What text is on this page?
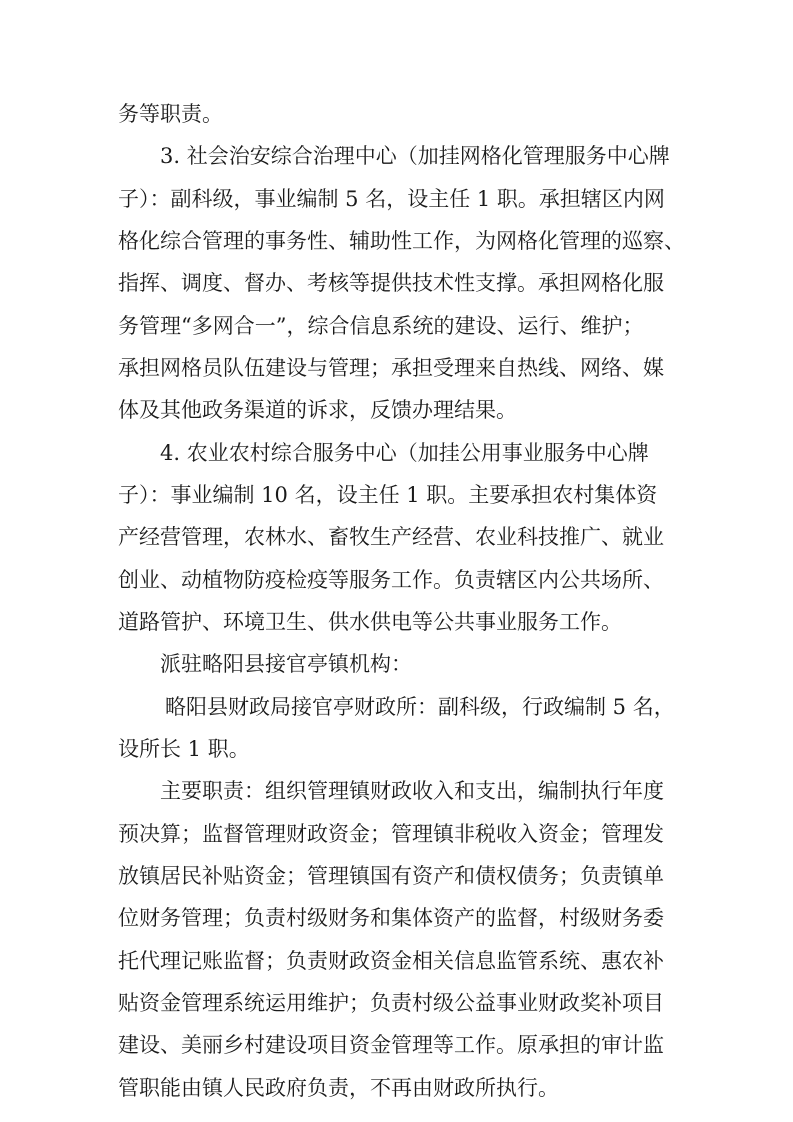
务等职责。
3. 社会治安综合治理中心（加挂网格化管理服务中心牌
子）：副科级，事业编制 5 名，设主任 1 职。承担辖区内网
格化综合管理的事务性、辅助性工作，为网格化管理的巡察、
指挥、调度、督办、考核等提供技术性支撑。承担网格化服
务管理“多网合一”，综合信息系统的建设、运行、维护；
承担网格员队伍建设与管理；承担受理来自热线、网络、媒
体及其他政务渠道的诉求，反馈办理结果。
4. 农业农村综合服务中心（加挂公用事业服务中心牌
子）：事业编制 10 名，设主任 1 职。主要承担农村集体资
产经营管理，农林水、畜牧生产经营、农业科技推广、就业
创业、动植物防疫检疫等服务工作。负责辖区内公共场所、
道路管护、环境卫生、供水供电等公共事业服务工作。
派驻略阳县接官亭镇机构：
略阳县财政局接官亭财政所：副科级，行政编制 5 名，
设所长 1 职。
主要职责：组织管理镇财政收入和支出，编制执行年度
预决算；监督管理财政资金；管理镇非税收入资金；管理发
放镇居民补贴资金；管理镇国有资产和债权债务；负责镇单
位财务管理；负责村级财务和集体资产的监督，村级财务委
托代理记账监督；负责财政资金相关信息监管系统、惠农补
贴资金管理系统运用维护；负责村级公益事业财政奖补项目
建设、美丽乡村建设项目资金管理等工作。原承担的审计监
管职能由镇人民政府负责，不再由财政所执行。
